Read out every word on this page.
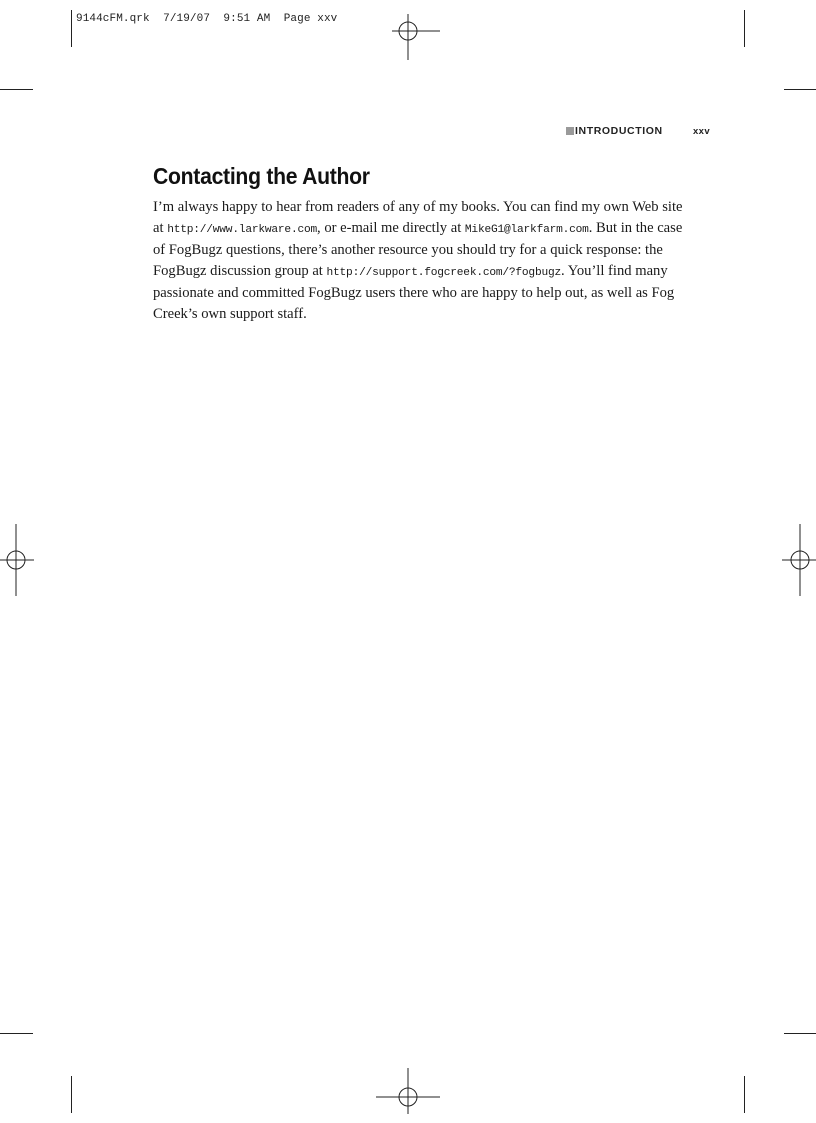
9144cFM.qrk  7/19/07  9:51 AM  Page xxv
INTRODUCTION	xxv
Contacting the Author

I’m always happy to hear from readers of any of my books. You can find my own Web site at http://www.larkware.com, or e-mail me directly at MikeG1@larkfarm.com. But in the case of FogBugz questions, there’s another resource you should try for a quick response: the FogBugz discussion group at http://support.fogcreek.com/?fogbugz. You’ll find many passionate and committed FogBugz users there who are happy to help out, as well as Fog Creek’s own support staff.
